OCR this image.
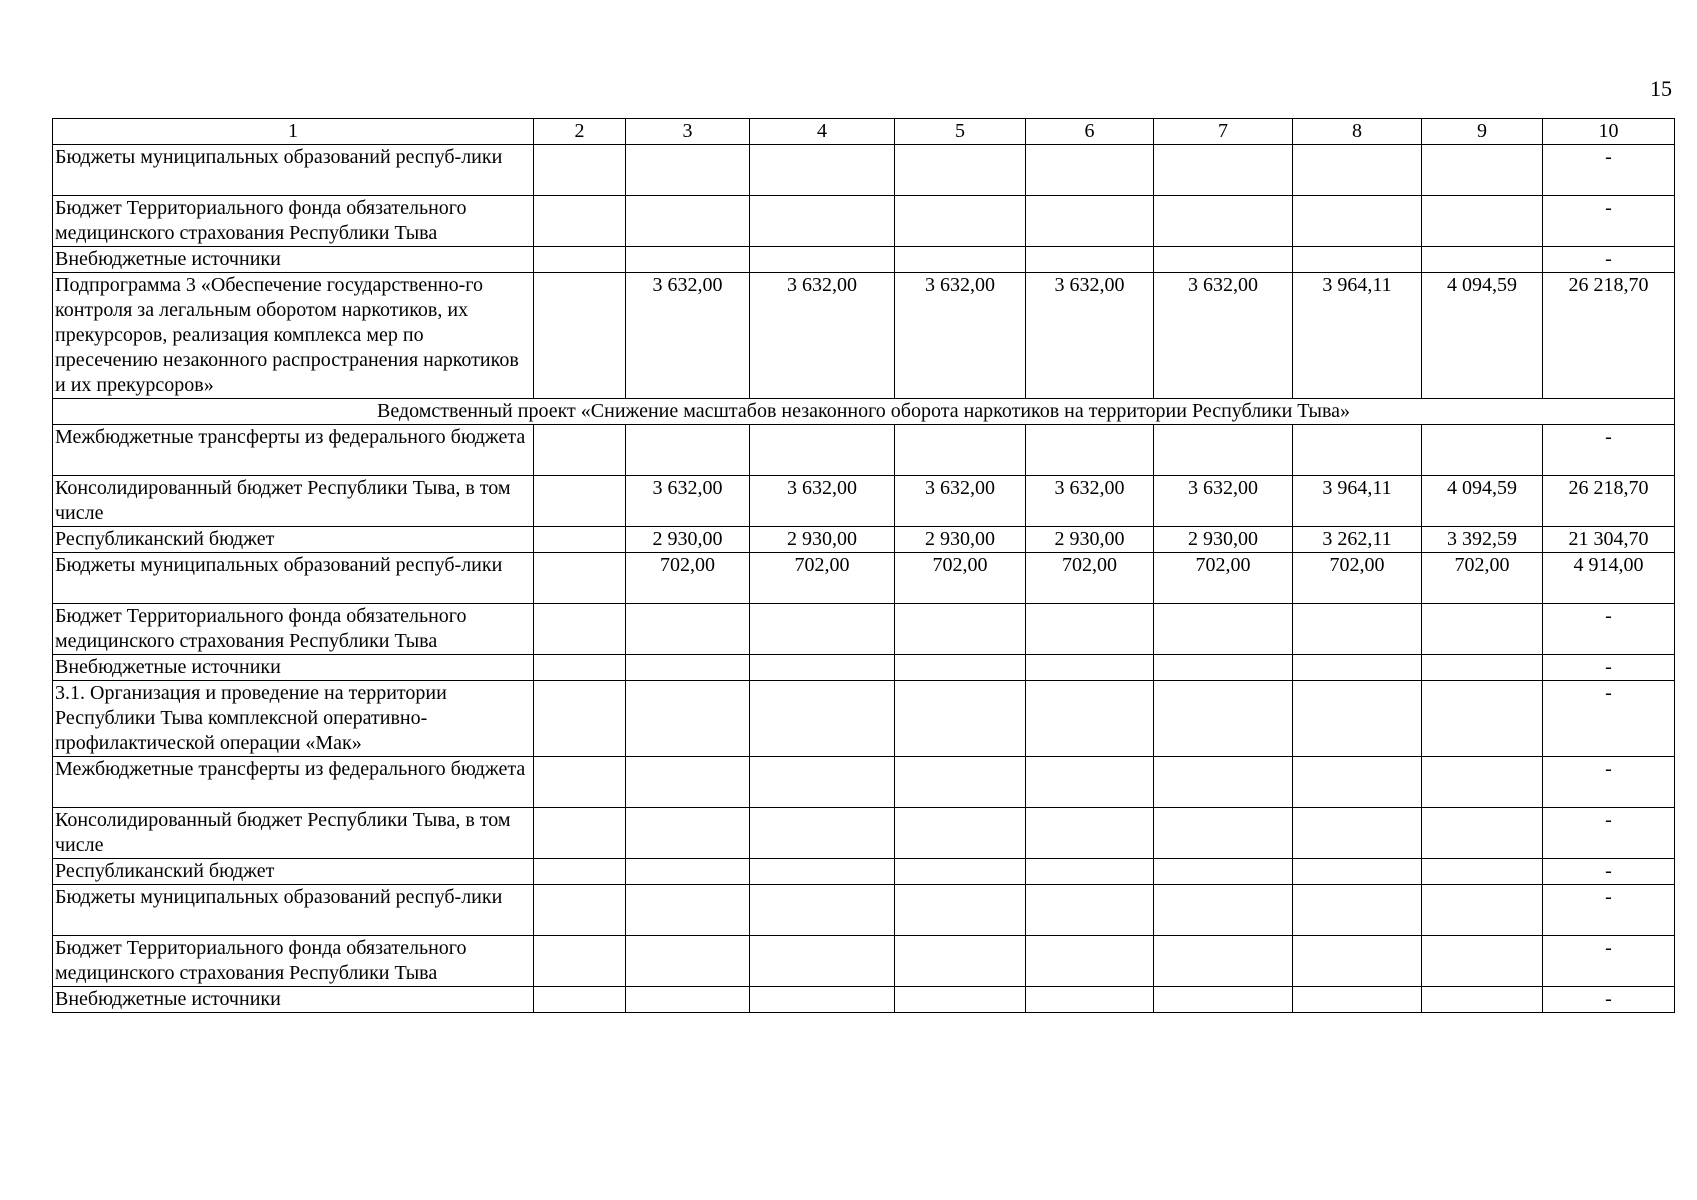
15
1	2	3	4	5	6	7	8	9	10
Бюджеты муниципальных образований респуб-лики									-
Бюджет Территориального фонда обязательного медицинского страхования Республики Тыва									-
Внебюджетные источники									-
Подпрограмма 3 «Обеспечение государственно-го контроля за легальным оборотом наркотиков, их прекурсоров, реализация комплекса мер по пресечению незаконного распространения наркотиков и их прекурсоров»		3 632,00	3 632,00	3 632,00	3 632,00	3 632,00	3 964,11	4 094,59	26 218,70
Ведомственный проект «Снижение масштабов незаконного оборота наркотиков на территории Республики Тыва»									
Межбюджетные трансферты из федерального бюджета									-
Консолидированный бюджет Республики Тыва, в том числе		3 632,00	3 632,00	3 632,00	3 632,00	3 632,00	3 964,11	4 094,59	26 218,70
Республиканский бюджет		2 930,00	2 930,00	2 930,00	2 930,00	2 930,00	3 262,11	3 392,59	21 304,70
Бюджеты муниципальных образований респуб-лики		702,00	702,00	702,00	702,00	702,00	702,00	702,00	4 914,00
Бюджет Территориального фонда обязательного медицинского страхования Республики Тыва									-
Внебюджетные источники									-
3.1. Организация и проведение на территории Республики Тыва комплексной оперативно-профилактической операции «Мак»									-
Межбюджетные трансферты из федерального бюджета									-
Консолидированный бюджет Республики Тыва, в том числе									-
Республиканский бюджет									-
Бюджеты муниципальных образований респуб-лики									-
Бюджет Территориального фонда обязательного медицинского страхования Республики Тыва									-
Внебюджетные источники									-
